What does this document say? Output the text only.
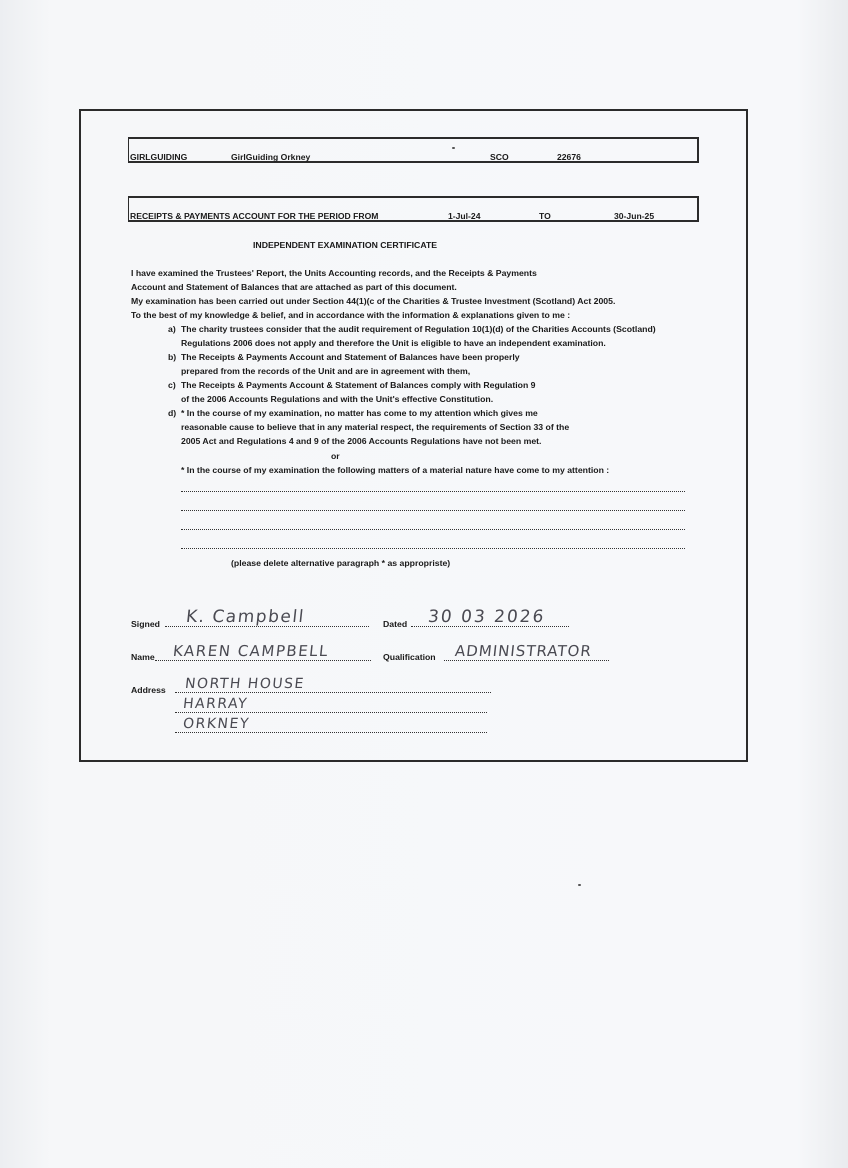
GIRLGUIDING	GirlGuiding Orkney	SCO	22676
RECEIPTS & PAYMENTS ACCOUNT FOR THE PERIOD FROM	1-Jul-24	TO	30-Jun-25
INDEPENDENT EXAMINATION CERTIFICATE
I have examined the Trustees' Report, the Units Accounting records, and the Receipts & Payments
Account and Statement of Balances that are attached as part of this document.
My examination has been carried out under Section 44(1)(c of the Charities & Trustee Investment (Scotland) Act 2005.
To the best of my knowledge & belief, and in accordance with the information & explanations given to me :
a) The charity trustees consider that the audit requirement of Regulation 10(1)(d) of the Charities Accounts (Scotland)
Regulations 2006 does not apply and therefore the Unit is eligible to have an independent examination.
b) The Receipts & Payments Account and Statement of Balances have been properly
prepared from the records of the Unit and are in agreement with them,
c) The Receipts & Payments Account & Statement of Balances comply with Regulation 9
of the 2006 Accounts Regulations and with the Unit's effective Constitution.
d) * In the course of my examination, no matter has come to my attention which gives me
reasonable cause to believe that in any material respect, the requirements of Section 33 of the
2005 Act and Regulations 4 and 9 of the 2006 Accounts Regulations have not been met.
or
* In the course of my examination the following matters of a material nature have come to my attention :
(please delete alternative paragraph * as appropriste)
Signed K. Campbell	Dated 30 03 2026
Name KAREN CAMPBELL	Qualification ADMINISTRATOR
Address NORTH HOUSE
HARRAY
ORKNEY
